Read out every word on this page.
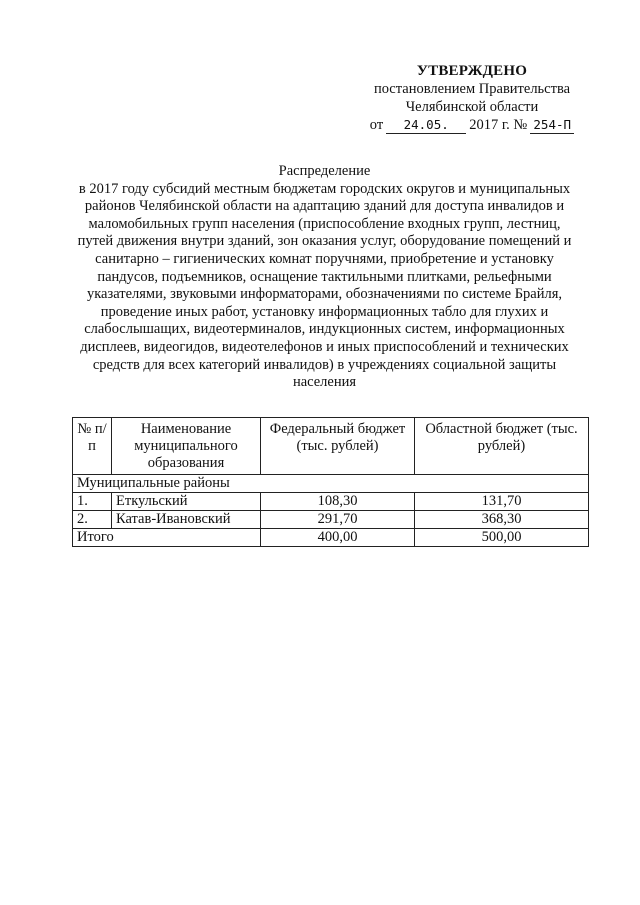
УТВЕРЖДЕНО
постановлением Правительства
Челябинской области
от	24.05.	2017 г. № 254-П
Распределение
в 2017 году субсидий местным бюджетам городских округов и муниципальных районов Челябинской области на адаптацию зданий для доступа инвалидов и маломобильных групп населения (приспособление входных групп, лестниц, путей движения внутри зданий, зон оказания услуг, оборудование помещений и санитарно – гигиенических комнат поручнями, приобретение и установку пандусов, подъемников, оснащение тактильными плитками, рельефными указателями, звуковыми информаторами, обозначениями по системе Брайля, проведение иных работ, установку информационных табло для глухих и слабослышащих, видеотерминалов, индукционных систем, информационных дисплеев, видеогидов, видеотелефонов и иных приспособлений и технических средств для всех категорий инвалидов) в учреждениях социальной защиты населения
№ п/п	Наименование муниципального образования	Федеральный бюджет (тыс. рублей)	Областной бюджет (тыс. рублей)
Муниципальные районы			
1.	Еткульский	108,30	131,70
2.	Катав-Ивановский	291,70	368,30
Итого		400,00	500,00
